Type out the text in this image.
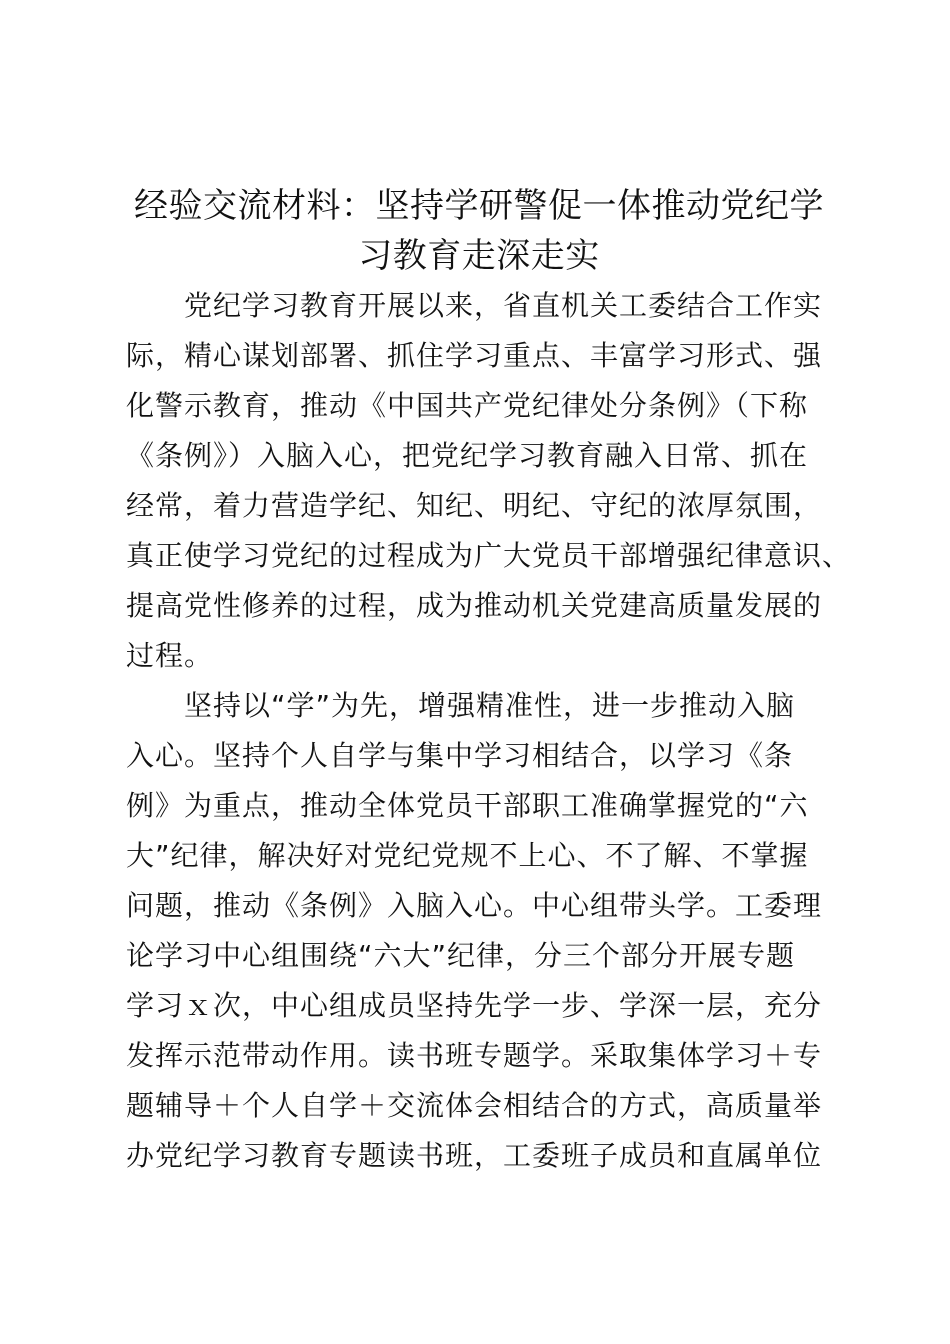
经验交流材料：坚持学研警促一体推动党纪学
习教育走深走实
　　党纪学习教育开展以来，省直机关工委结合工作实
际，精心谋划部署、抓住学习重点、丰富学习形式、强
化警示教育，推动《中国共产党纪律处分条例》（下称
《条例》）入脑入心，把党纪学习教育融入日常、抓在
经常，着力营造学纪、知纪、明纪、守纪的浓厚氛围，
真正使学习党纪的过程成为广大党员干部增强纪律意识、
提高党性修养的过程，成为推动机关党建高质量发展的
过程。
　　坚持以“学”为先，增强精准性，进一步推动入脑
入心。坚持个人自学与集中学习相结合，以学习《条
例》为重点，推动全体党员干部职工准确掌握党的“六
大”纪律，解决好对党纪党规不上心、不了解、不掌握
问题，推动《条例》入脑入心。中心组带头学。工委理
论学习中心组围绕“六大”纪律，分三个部分开展专题
学习ｘ次，中心组成员坚持先学一步、学深一层，充分
发挥示范带动作用。读书班专题学。采取集体学习＋专
题辅导＋个人自学＋交流体会相结合的方式，高质量举
办党纪学习教育专题读书班，工委班子成员和直属单位
